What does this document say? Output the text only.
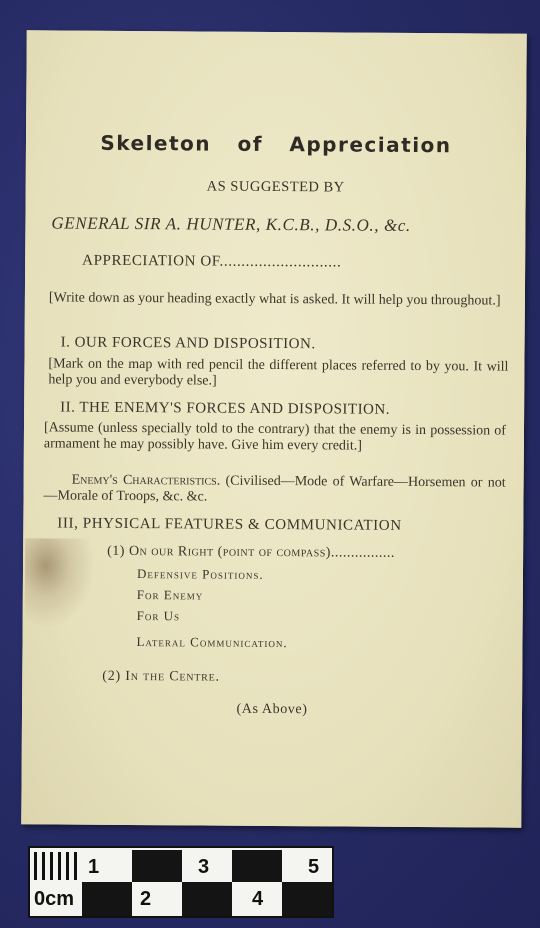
Skeleton of Appreciation
AS SUGGESTED BY
GENERAL SIR A. HUNTER, K.C.B., D.S.O., &c.
APPRECIATION OF............................
[Write down as your heading exactly what is asked. It will help you throughout.]
I. OUR FORCES AND DISPOSITION.
[Mark on the map with red pencil the different places referred to by you. It will help you and everybody else.]
II. THE ENEMY'S FORCES AND DISPOSITION.
[Assume (unless specially told to the contrary) that the enemy is in possession of armament he may possibly have. Give him every credit.]
Enemy's Characteristics. (Civilised—Mode of Warfare—Horsemen or not—Morale of Troops, &c. &c.
III, PHYSICAL FEATURES & COMMUNICATION
(1) On our Right (point of compass)................
Defensive Positions.
For Enemy
For Us
Lateral Communication.
(2) In the Centre.
(As Above)
0cm
1
2
3
4
5
